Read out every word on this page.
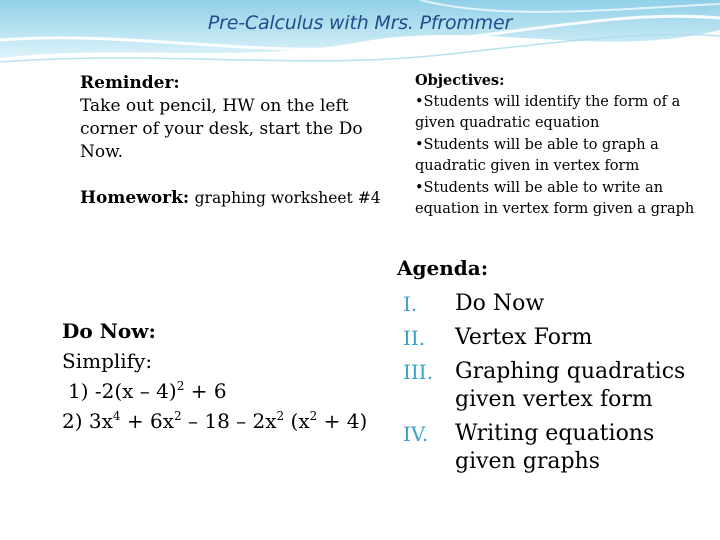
Pre-Calculus with Mrs. Pfrommer
Reminder:
Take out pencil, HW on the left corner of your desk, start the Do Now.
Homework: graphing worksheet #4
Objectives:
•Students will identify the form of a given quadratic equation
•Students will be able to graph a quadratic given in vertex form
•Students will be able to write an equation in vertex form given a graph
Do Now:
Simplify:
1) -2(x – 4)$^2$ + 6
2) $3x^4 + 6x^2 - 18 - 2x^2$ $(x^2 + 4)$
Agenda:
I.	Do Now
II.	Vertex Form
III. Graphing quadratics given vertex form
IV.	Writing equations given graphs
